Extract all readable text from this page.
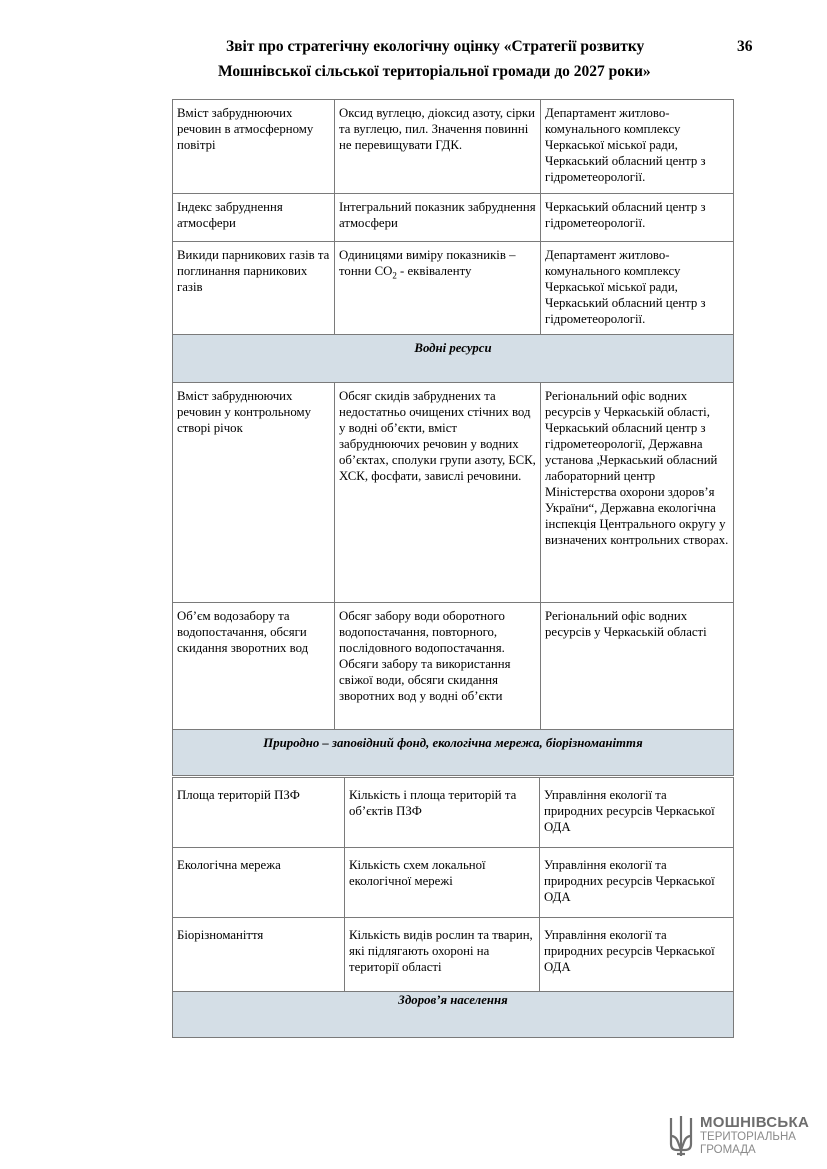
Звіт про стратегічну екологічну оцінку «Стратегії розвитку	36
Мошнівської сільської територіальної громади до 2027 роки»
Вміст забруднюючих речовин в атмосферному повітрі	Оксид вуглецю, діоксид азоту, сірки та вуглецю, пил. Значення повинні не перевищувати ГДК.	Департамент житлово-комунального комплексу Черкаської міської ради, Черкаський обласний центр з гідрометеорології.
Індекс забруднення атмосфери	Інтегральний показник забруднення атмосфери	Черкаський обласний центр з гідрометеорології.
Викиди парникових газів та поглинання парникових газів	Одиницями виміру показників – тонни $СО_2$ - еквіваленту	Департамент житлово-комунального комплексу Черкаської міської ради, Черкаський обласний центр з гідрометеорології.
Водні ресурси		
Вміст забруднюючих речовин у контрольному створі річок	Обсяг скидів забруднених та недостатньо очищених стічних вод у водні об’єкти, вміст забруднюючих речовин у водних об’єктах, сполуки групи азоту, БСК, ХСК, фосфати, завислі речовини.	Регіональний офіс водних ресурсів у Черкаській області, Черкаський обласний центр з гідрометеорології, Державна установа „Черкаський обласний лабораторний центр Міністерства охорони здоров’я України“, Державна екологічна інспекція Центрального округу у визначених контрольних створах.
Об’єм водозабору та водопостачання, обсяги скидання зворотних вод	Обсяг забору води оборотного водопостачання, повторного, послідовного водопостачання. Обсяги забору та використання свіжої води, обсяги скидання зворотних вод у водні об’єкти	Регіональний офіс водних ресурсів у Черкаській області
Природно – заповідний фонд, екологічна мережа, біорізноманіття		
Площа територій ПЗФ	Кількість і площа територій та об’єктів ПЗФ	Управління екології та природних ресурсів Черкаської ОДА
Екологічна мережа	Кількість схем локальної екологічної мережі	Управління екології та природних ресурсів Черкаської ОДА
Біорізноманіття	Кількість видів рослин та тварин, які підлягають охороні на території області	Управління екології та природних ресурсів Черкаської ОДА
Здоров’я населення		
МОШНІВСЬКА
ТЕРИТОРІАЛЬНА
ГРОМАДА
